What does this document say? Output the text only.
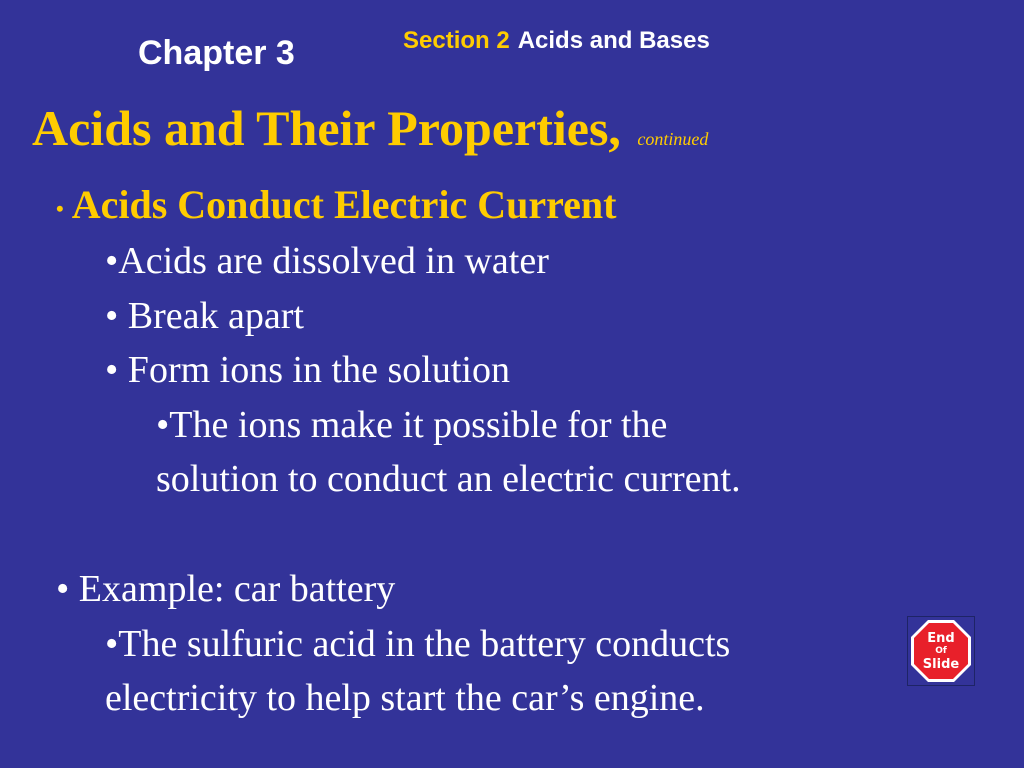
Chapter 3	Section 2 Acids and Bases
Acids and Their Properties, continued
• Acids Conduct Electric Current
•Acids are dissolved in water
• Break apart
• Form ions in the solution
•The ions make it possible for the
solution to conduct an electric current.
• Example: car battery
•The sulfuric acid in the battery conducts
electricity to help start the car’s engine.
End
Of
Slide
